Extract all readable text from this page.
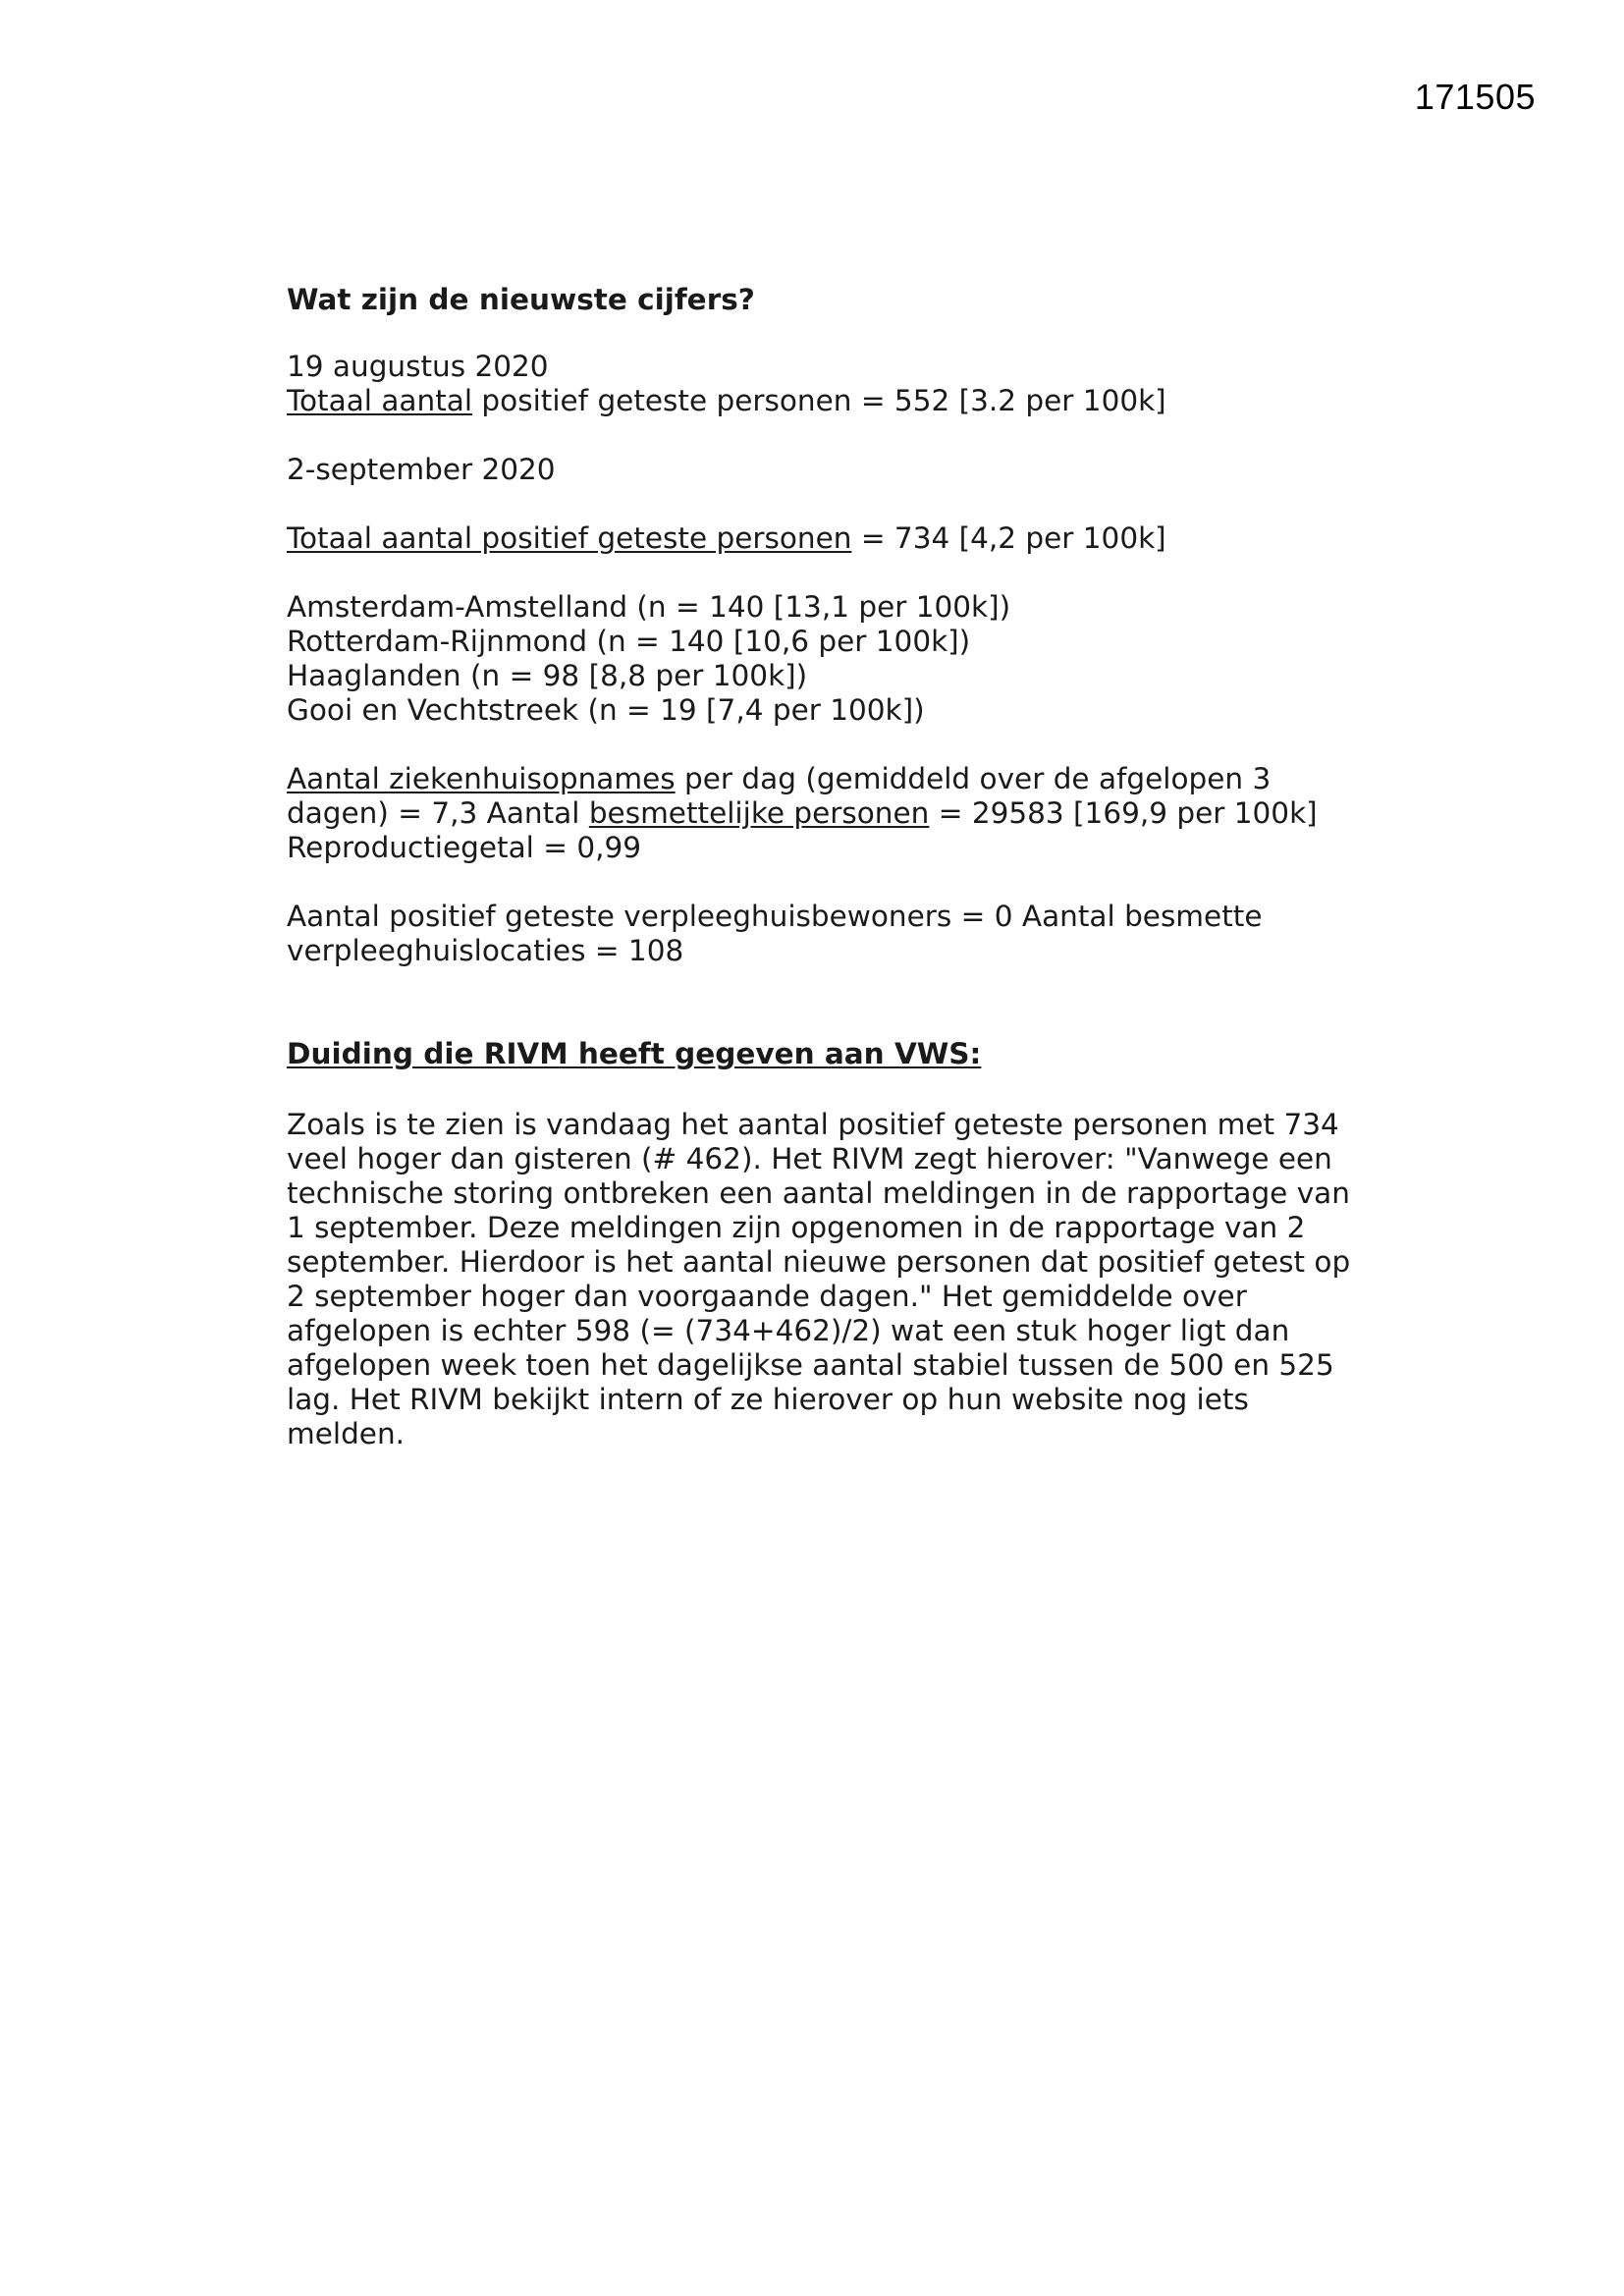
171505
Wat zijn de nieuwste cijfers?
19 augustus 2020
Totaal aantal positief geteste personen = 552 [3.2 per 100k]
2-september 2020
Totaal aantal positief geteste personen = 734 [4,2 per 100k]
Amsterdam-Amstelland (n = 140 [13,1 per 100k])
Rotterdam-Rijnmond (n = 140 [10,6 per 100k])
Haaglanden (n = 98 [8,8 per 100k])
Gooi en Vechtstreek (n = 19 [7,4 per 100k])
Aantal ziekenhuisopnames per dag (gemiddeld over de afgelopen 3
dagen) = 7,3 Aantal besmettelijke personen = 29583 [169,9 per 100k]
Reproductiegetal = 0,99
Aantal positief geteste verpleeghuisbewoners = 0 Aantal besmette
verpleeghuislocaties = 108
Duiding die RIVM heeft gegeven aan VWS:
Zoals is te zien is vandaag het aantal positief geteste personen met 734
veel hoger dan gisteren (# 462). Het RIVM zegt hierover: "Vanwege een
technische storing ontbreken een aantal meldingen in de rapportage van
1 september. Deze meldingen zijn opgenomen in de rapportage van 2
september. Hierdoor is het aantal nieuwe personen dat positief getest op
2 september hoger dan voorgaande dagen." Het gemiddelde over
afgelopen is echter 598 (= (734+462)/2) wat een stuk hoger ligt dan
afgelopen week toen het dagelijkse aantal stabiel tussen de 500 en 525
lag. Het RIVM bekijkt intern of ze hierover op hun website nog iets
melden.
